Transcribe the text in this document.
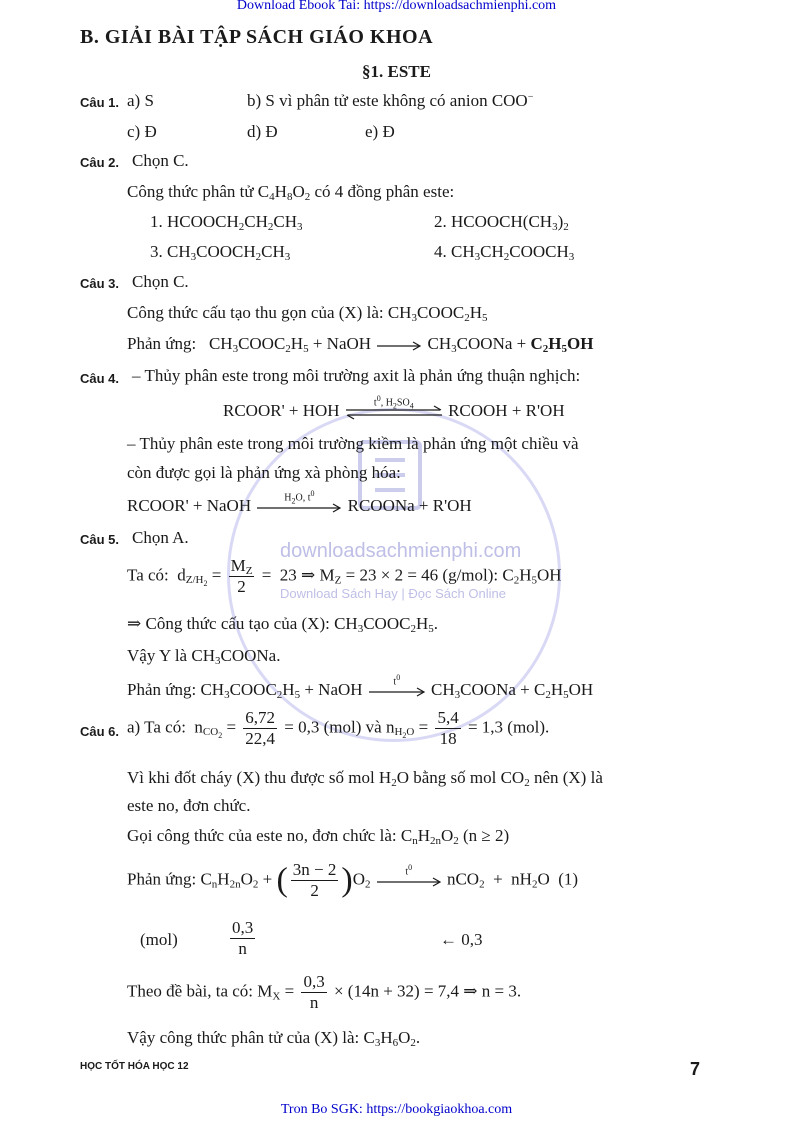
Download Ebook Tai: https://downloadsachmienphi.com
B. GIẢI BÀI TẬP SÁCH GIÁO KHOA
§1. ESTE
downloadsachmienphi.com
Download Sách Hay | Đọc Sách Online
Câu 1. a) S	b) S vì phân tử este không có anion COO−
c) Đ	d) Đ	e) Đ
Câu 2. Chọn C.
Công thức phân tử $C_4H_8O_2$ có 4 đồng phân este:
1. $HCOOCH_2CH_2CH_3$	2. $HCOOCH(CH_3)_2$
3. $CH_3COOCH_2CH_3$	4. $CH_3CH_2COOCH_3$
Câu 3. Chọn C.
Công thức cấu tạo thu gọn của (X) là: $CH_3COOC_2H_5$
Phản ứng:   $CH_3COOC_2H_5$ + NaOH → $CH_3COONa + C_2H_5OH$
Câu 4. – Thủy phân este trong môi trường axit là phản ứng thuận nghịch:
RCOOR' + HOH	$t^0$, $H_2SO_4$	RCOOH + R'OH
– Thủy phân este trong môi trường kiềm là phản ứng một chiều và
còn được gọi là phản ứng xà phòng hóa:
RCOOR' + NaOH	$H_2O$, $t^0$
RCOONa + R'OH
Câu 5. Chọn A.
Ta có:  $d_{Z/H_2} = \frac{M_Z}{2} = 23$ ⇒ $M_Z = 23 \times 2 = 46$ (g/mol): $C_2H_5OH$
⇒ Công thức cấu tạo của (X): $CH_3COOC_2H_5$.
Vậy Y là $CH_3COONa$.
Phản ứng: $CH_3COOC_2H_5$ + NaOH	$t^0$
$CH_3COONa + C_2H_5OH$
Câu 6. a) Ta có:  $n_{CO_2} = \frac{6,72}{22,4} = 0,3$ (mol) và $n_{H_2O} = \frac{5,4}{18} = 1,3$ (mol).
Vì khi đốt cháy (X) thu được số mol $H_2O$ bằng số mol $CO_2$ nên (X) là
este no, đơn chức.
Gọi công thức của este no, đơn chức là: $C_nH_{2n}O_2$ (n ≥ 2)
Phản ứng: $C_nH_{2n}O_2$ + ( $\frac{3n - 2}{2} )O_2$
$t^0$
$nCO_2 + nH_2O$  (1)
(mol)	$\frac{0,3}{n}$	← 0,3
Theo đề bài, ta có: $M_X = \frac{0,3}{n} \times (14n + 32) = 7,4$ ⇒ n = 3.
Vậy công thức phân tử của (X) là: $C_3H_6O_2$.
HỌC TỐT HÓA HỌC 12	7
Tron Bo SGK: https://bookgiaokhoa.com
